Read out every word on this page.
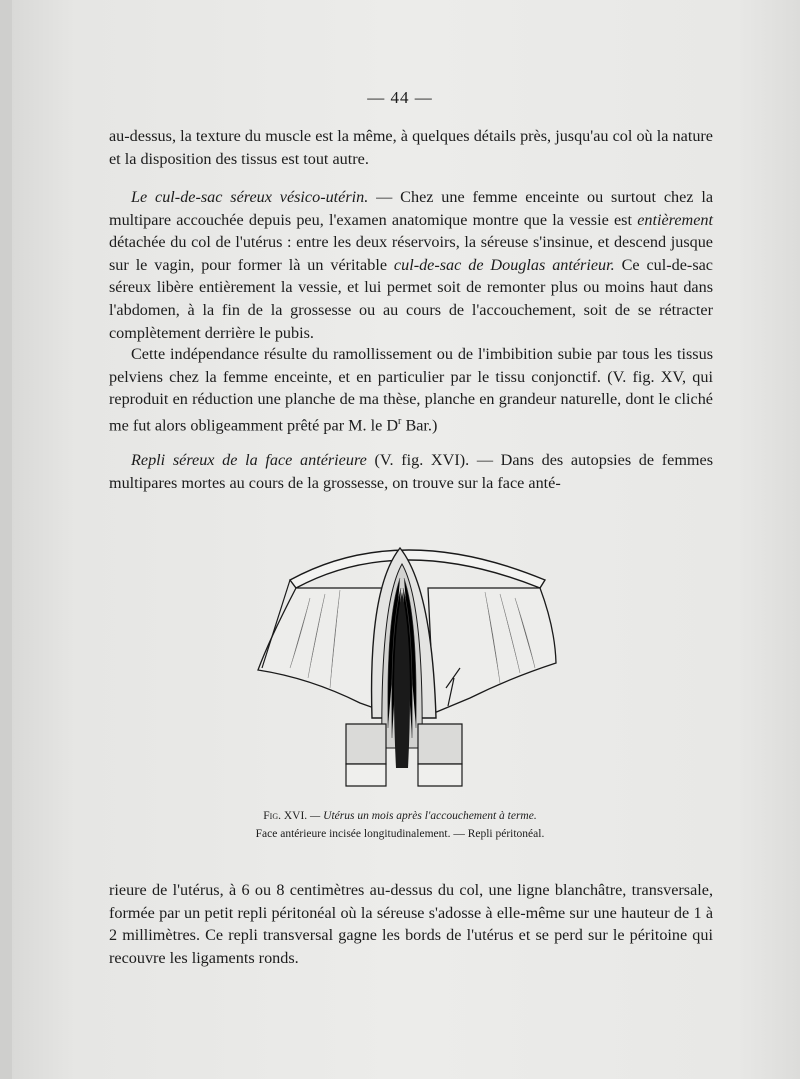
— 44 —

au-dessus, la texture du muscle est la même, à quelques détails près, jusqu'au col où la nature et la disposition des tissus est tout autre.

Le cul-de-sac séreux vésico-utérin. — Chez une femme enceinte ou surtout chez la multipare accouchée depuis peu, l'examen anatomique montre que la vessie est entièrement détachée du col de l'utérus : entre les deux réservoirs, la séreuse s'insinue, et descend jusque sur le vagin, pour former là un véritable cul-de-sac de Douglas antérieur. Ce cul-de-sac séreux libère entièrement la vessie, et lui permet soit de remonter plus ou moins haut dans l'abdomen, à la fin de la grossesse ou au cours de l'accouchement, soit de se rétracter complètement derrière le pubis.

Cette indépendance résulte du ramollissement ou de l'imbibition subie par tous les tissus pelviens chez la femme enceinte, et en particulier par le tissu conjonctif. (V. fig. XV, qui reproduit en réduction une planche de ma thèse, planche en grandeur naturelle, dont le cliché me fut alors obligeamment prêté par M. le $D^r$ Bar.)

Repli séreux de la face antérieure (V. fig. XVI). — Dans des autopsies de femmes multipares mortes au cours de la grossesse, on trouve sur la face anté-

Fig. XVI. — Utérus un mois après l'accouchement à terme.
Face antérieure incisée longitudinalement. — Repli péritonéal.

rieure de l'utérus, à 6 ou 8 centimètres au-dessus du col, une ligne blanchâtre, transversale, formée par un petit repli péritonéal où la séreuse s'adosse à elle-même sur une hauteur de 1 à 2 millimètres. Ce repli transversal gagne les bords de l'utérus et se perd sur le péritoine qui recouvre les ligaments ronds.
